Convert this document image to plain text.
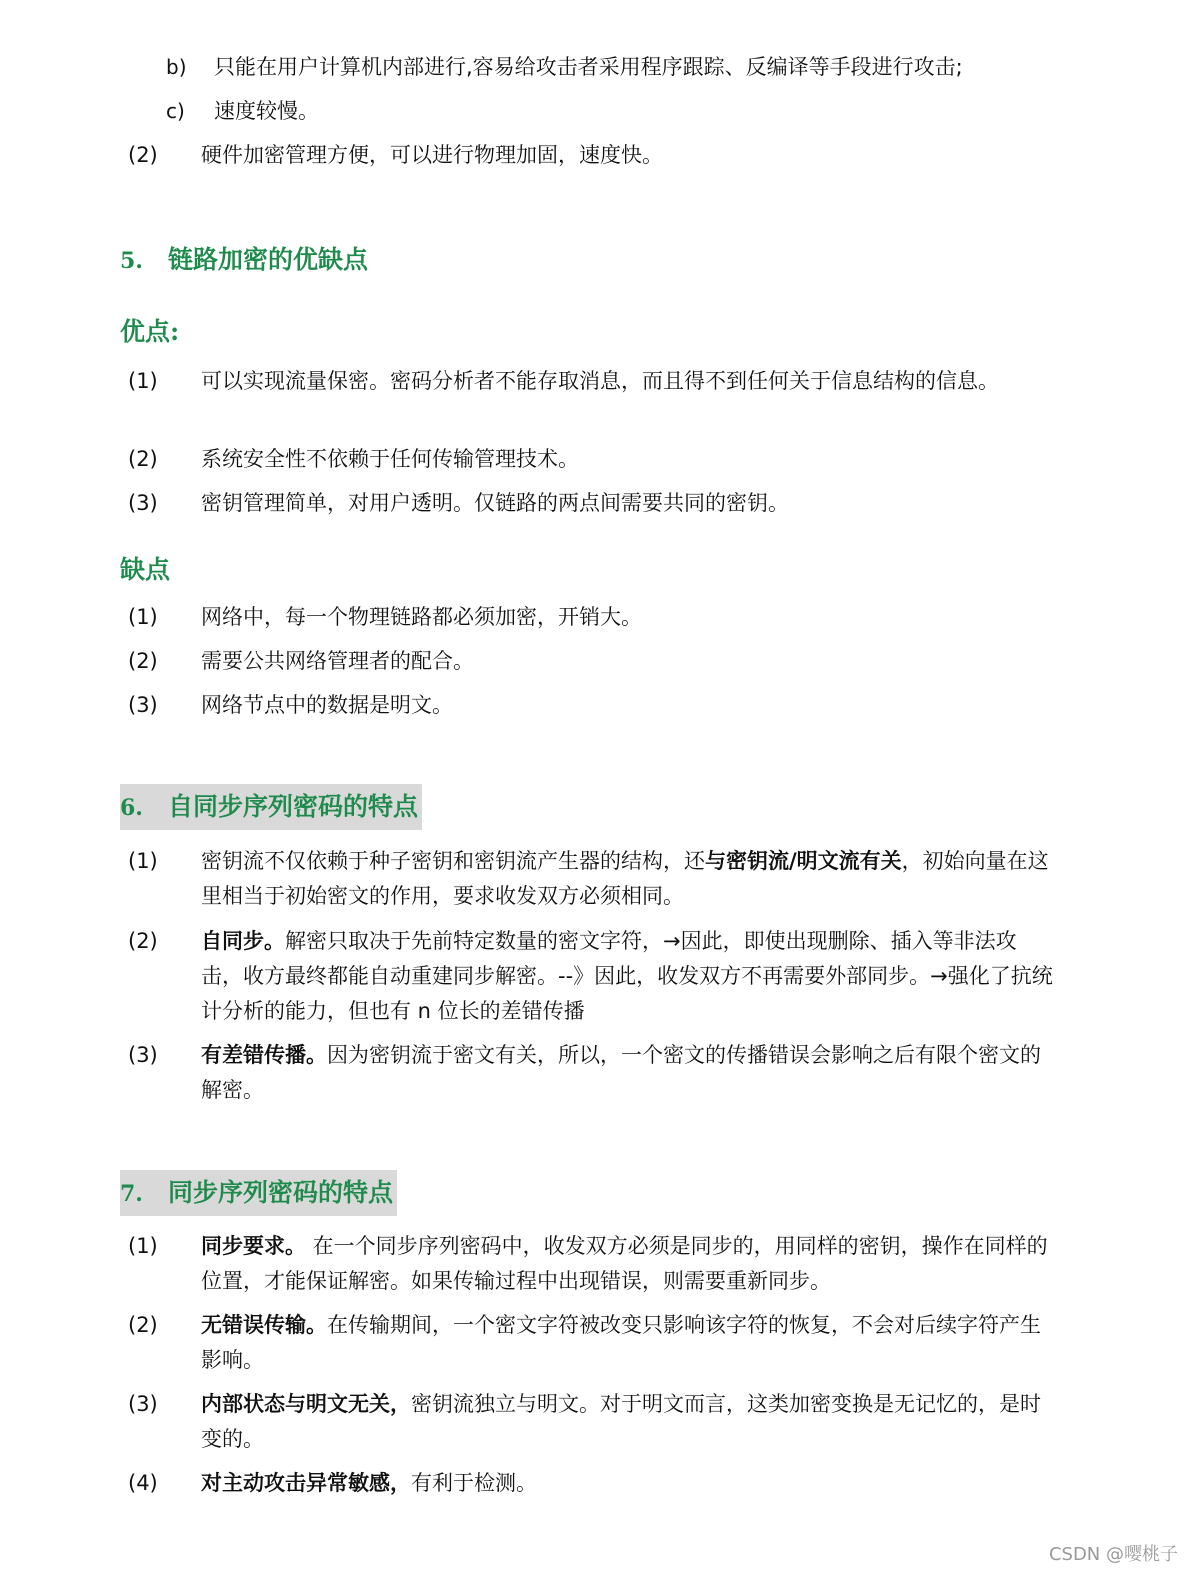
b) 只能在用户计算机内部进行,容易给攻击者采用程序跟踪、反编译等手段进行攻击;
c) 速度较慢。
(2)	硬件加密管理方便，可以进行物理加固，速度快。
5. 链路加密的优缺点
优点:
(1)	可以实现流量保密。密码分析者不能存取消息，而且得不到任何关于信息结构的信息。
(2)	系统安全性不依赖于任何传输管理技术。
(3)	密钥管理简单，对用户透明。仅链路的两点间需要共同的密钥。
缺点
(1)	网络中，每一个物理链路都必须加密，开销大。
(2)	需要公共网络管理者的配合。
(3)	网络节点中的数据是明文。
6. 自同步序列密码的特点
(1)	密钥流不仅依赖于种子密钥和密钥流产生器的结构，还与密钥流/明文流有关，初始向量在这里相当于初始密文的作用，要求收发双方必须相同。
(2)	自同步。解密只取决于先前特定数量的密文字符，→因此，即使出现删除、插入等非法攻击，收方最终都能自动重建同步解密。--》因此，收发双方不再需要外部同步。→强化了抗统计分析的能力，但也有 n 位长的差错传播
(3)	有差错传播。因为密钥流于密文有关，所以，一个密文的传播错误会影响之后有限个密文的解密。
7. 同步序列密码的特点
(1)	同步要求。 在一个同步序列密码中，收发双方必须是同步的，用同样的密钥，操作在同样的位置，才能保证解密。如果传输过程中出现错误，则需要重新同步。
(2)	无错误传输。在传输期间，一个密文字符被改变只影响该字符的恢复，不会对后续字符产生影响。
(3)	内部状态与明文无关，密钥流独立与明文。对于明文而言，这类加密变换是无记忆的，是时变的。
(4)	对主动攻击异常敏感，有利于检测。
CSDN @嘤桃子
